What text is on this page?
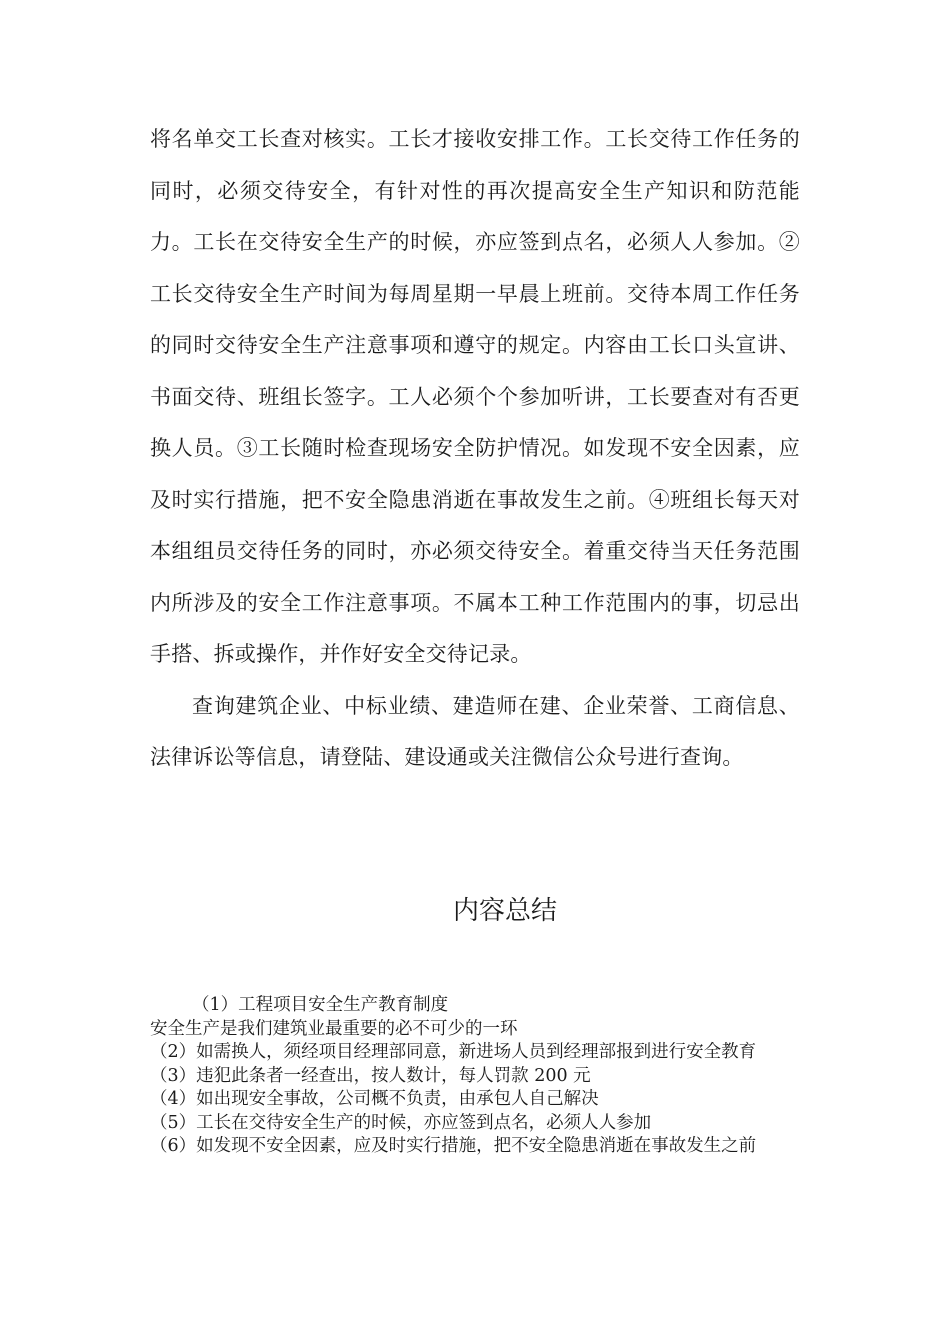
将名单交工长查对核实。工长才接收安排工作。工长交待工作任务的同时，必须交待安全，有针对性的再次提高安全生产知识和防范能力。工长在交待安全生产的时候，亦应签到点名，必须人人参加。②工长交待安全生产时间为每周星期一早晨上班前。交待本周工作任务的同时交待安全生产注意事项和遵守的规定。内容由工长口头宣讲、书面交待、班组长签字。工人必须个个参加听讲，工长要查对有否更换人员。③工长随时检查现场安全防护情况。如发现不安全因素，应及时实行措施，把不安全隐患消逝在事故发生之前。④班组长每天对本组组员交待任务的同时，亦必须交待安全。着重交待当天任务范围内所涉及的安全工作注意事项。不属本工种工作范围内的事，切忌出手搭、拆或操作，并作好安全交待记录。

查询建筑企业、中标业绩、建造师在建、企业荣誉、工商信息、法律诉讼等信息，请登陆、建设通或关注微信公众号进行查询。

内容总结
（1）工程项目安全生产教育制度
安全生产是我们建筑业最重要的必不可少的一环
（2）如需换人，须经项目经理部同意，新进场人员到经理部报到进行安全教育
（3）违犯此条者一经查出，按人数计，每人罚款 200 元
（4）如出现安全事故，公司概不负责，由承包人自己解决
（5）工长在交待安全生产的时候，亦应签到点名，必须人人参加
（6）如发现不安全因素，应及时实行措施，把不安全隐患消逝在事故发生之前
